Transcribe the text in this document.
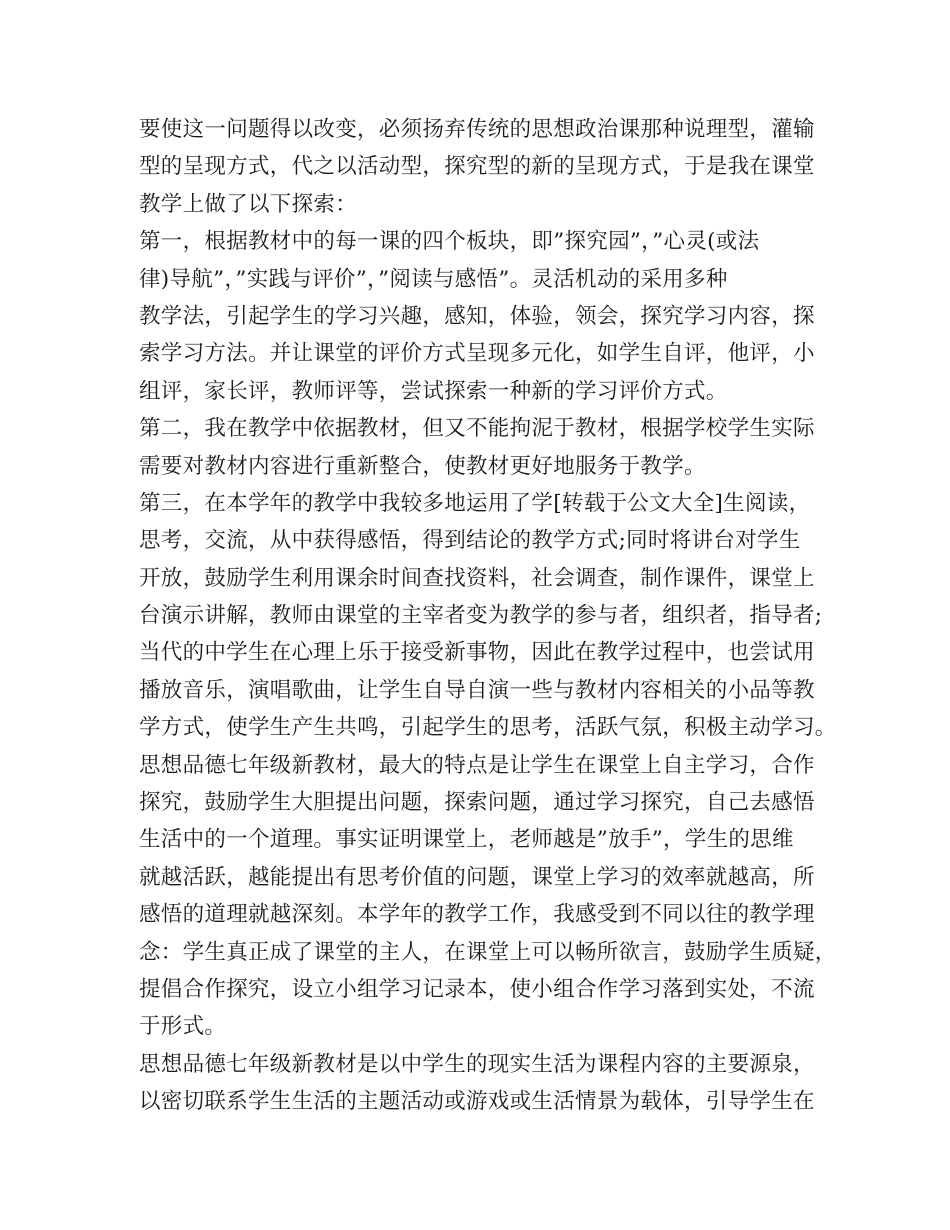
要使这一问题得以改变，必须扬弃传统的思想政治课那种说理型，灌输
型的呈现方式，代之以活动型，探究型的新的呈现方式，于是我在课堂
教学上做了以下探索：
第一，根据教材中的每一课的四个板块，即”探究园”，”心灵(或法
律)导航”，”实践与评价”，”阅读与感悟”。灵活机动的采用多种
教学法，引起学生的学习兴趣，感知，体验，领会，探究学习内容，探
索学习方法。并让课堂的评价方式呈现多元化，如学生自评，他评，小
组评，家长评，教师评等，尝试探索一种新的学习评价方式。
第二，我在教学中依据教材，但又不能拘泥于教材，根据学校学生实际
需要对教材内容进行重新整合，使教材更好地服务于教学。
第三，在本学年的教学中我较多地运用了学[转载于公文大全]生阅读，
思考，交流，从中获得感悟，得到结论的教学方式;同时将讲台对学生
开放，鼓励学生利用课余时间查找资料，社会调查，制作课件，课堂上
台演示讲解，教师由课堂的主宰者变为教学的参与者，组织者，指导者;
当代的中学生在心理上乐于接受新事物，因此在教学过程中，也尝试用
播放音乐，演唱歌曲，让学生自导自演一些与教材内容相关的小品等教
学方式，使学生产生共鸣，引起学生的思考，活跃气氛，积极主动学习。
思想品德七年级新教材，最大的特点是让学生在课堂上自主学习，合作
探究，鼓励学生大胆提出问题，探索问题，通过学习探究，自己去感悟
生活中的一个道理。事实证明课堂上，老师越是”放手”，学生的思维
就越活跃，越能提出有思考价值的问题，课堂上学习的效率就越高，所
感悟的道理就越深刻。本学年的教学工作，我感受到不同以往的教学理
念：学生真正成了课堂的主人，在课堂上可以畅所欲言，鼓励学生质疑，
提倡合作探究，设立小组学习记录本，使小组合作学习落到实处，不流
于形式。
思想品德七年级新教材是以中学生的现实生活为课程内容的主要源泉，
以密切联系学生生活的主题活动或游戏或生活情景为载体，引导学生在
